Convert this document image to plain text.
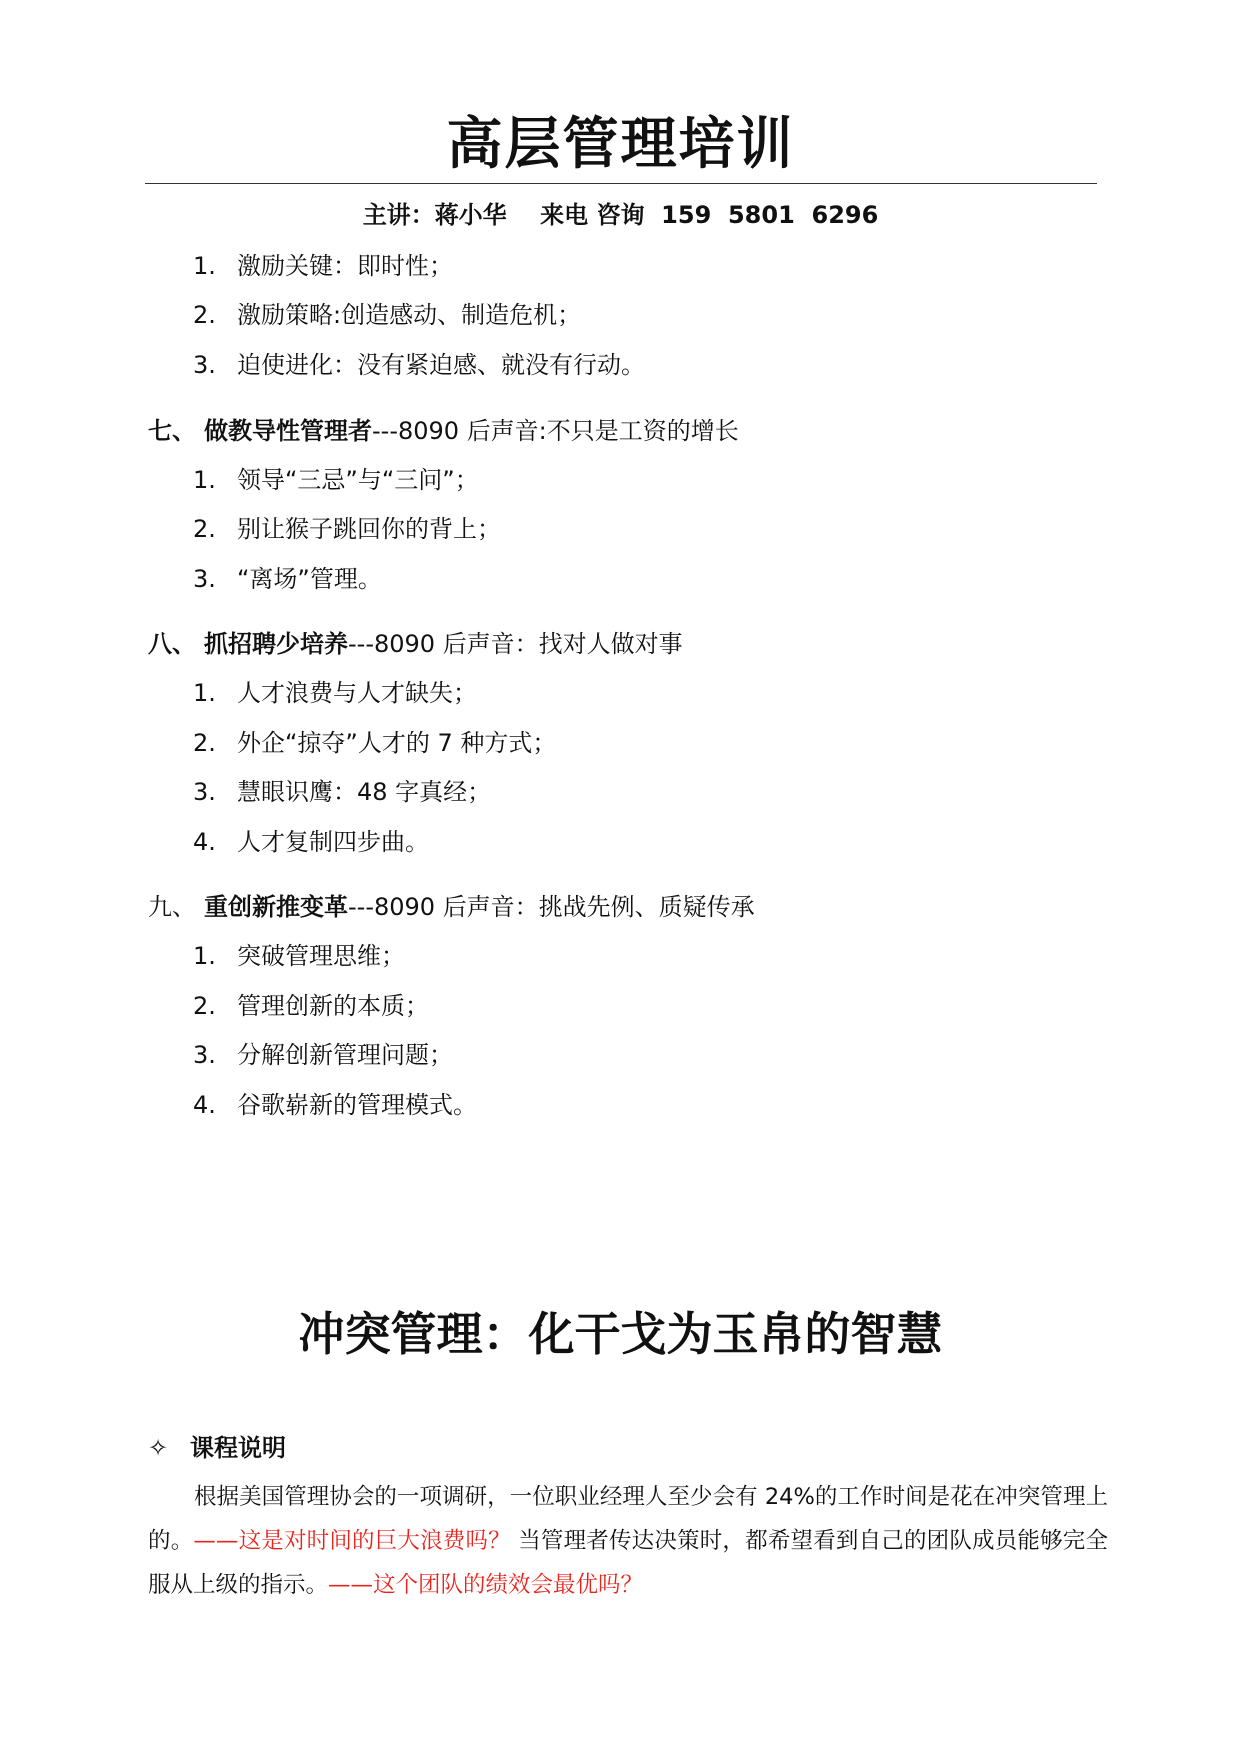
高层管理培训
主讲：蒋小华    来电 咨询  159  5801  6296
1. 激励关键：即时性；
2. 激励策略:创造感动、制造危机；
3. 迫使进化：没有紧迫感、就没有行动。
七、 做教导性管理者---8090 后声音:不只是工资的增长
1. 领导“三忌”与“三问”；
2. 别让猴子跳回你的背上；
3. “离场”管理。
八、 抓招聘少培养---8090 后声音：找对人做对事
1. 人才浪费与人才缺失；
2. 外企“掠夺”人才的 7 种方式；
3. 慧眼识鹰：48 字真经；
4. 人才复制四步曲。
九、 重创新推变革---8090 后声音：挑战先例、质疑传承
1. 突破管理思维；
2. 管理创新的本质；
3. 分解创新管理问题；
4. 谷歌崭新的管理模式。
冲突管理：化干戈为玉帛的智慧
✧ 课程说明
根据美国管理协会的一项调研，一位职业经理人至少会有 24%的工作时间是花在冲突管理上的。——这是对时间的巨大浪费吗？ 当管理者传达决策时，都希望看到自己的团队成员能够完全服从上级的指示。——这个团队的绩效会最优吗？
